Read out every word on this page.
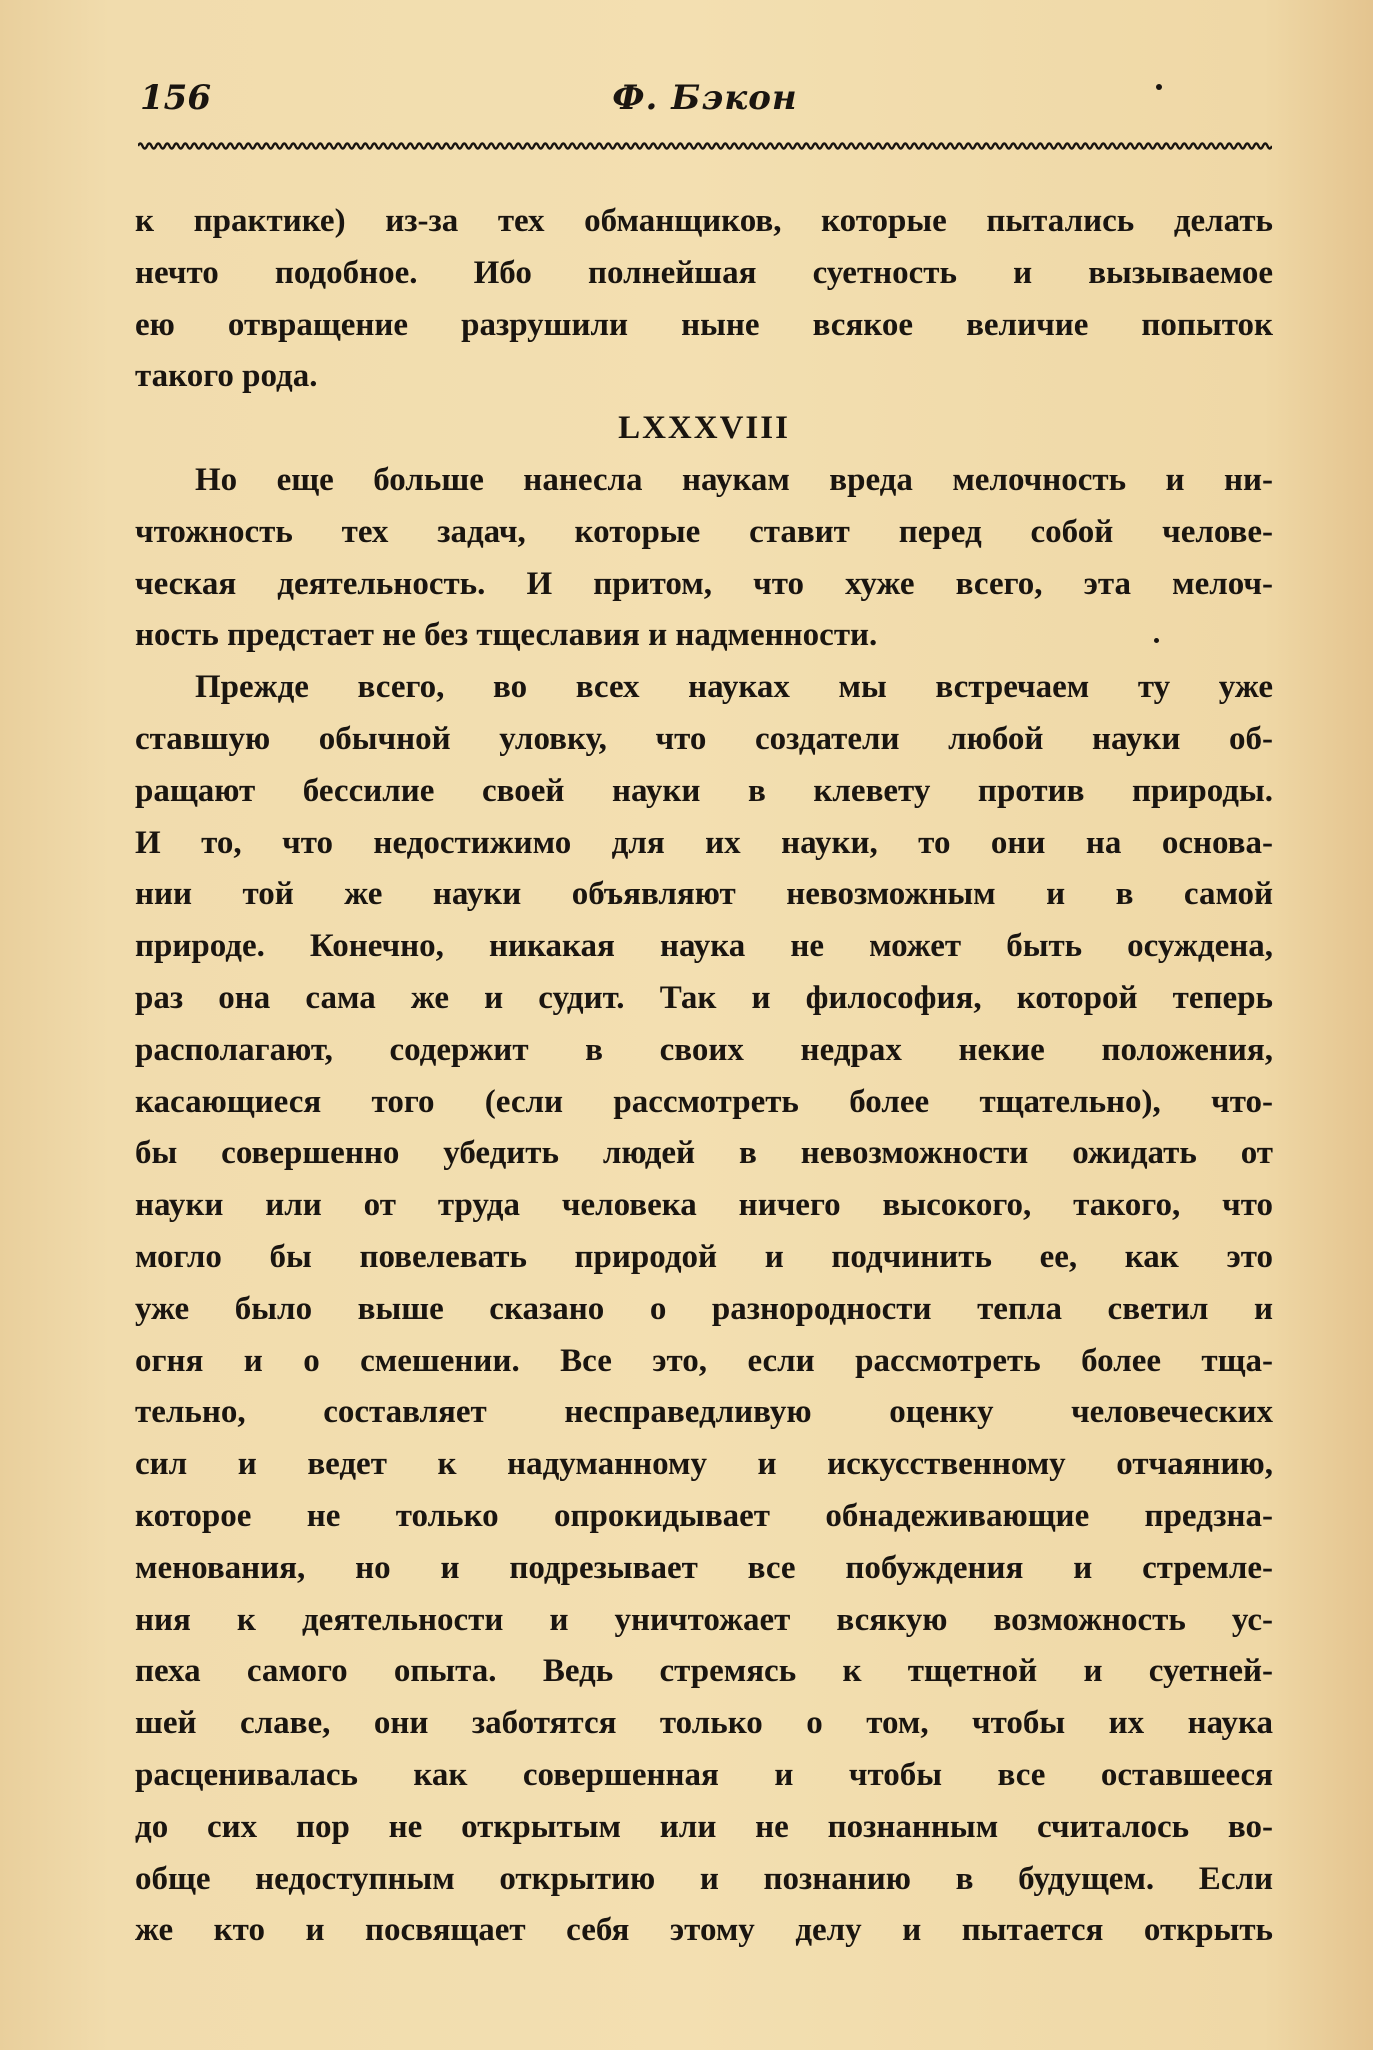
156	Ф. Бэкон
к практике) из-за тех обманщиков, которые пытались делать
нечто подобное. Ибо полнейшая суетность и вызываемое
ею отвращение разрушили ныне всякое величие попыток
такого рода.
LXXXVIII
Но еще больше нанесла наукам вреда мелочность и ни-
чтожность тех задач, которые ставит перед собой челове-
ческая деятельность. И притом, что хуже всего, эта мелоч-
ность предстает не без тщеславия и надменности.
Прежде всего, во всех науках мы встречаем ту уже
ставшую обычной уловку, что создатели любой науки об-
ращают бессилие своей науки в клевету против природы.
И то, что недостижимо для их науки, то они на основа-
нии той же науки объявляют невозможным и в самой
природе. Конечно, никакая наука не может быть осуждена,
раз она сама же и судит. Так и философия, которой теперь
располагают, содержит в своих недрах некие положения,
касающиеся того (если рассмотреть более тщательно), что-
бы совершенно убедить людей в невозможности ожидать от
науки или от труда человека ничего высокого, такого, что
могло бы повелевать природой и подчинить ее, как это
уже было выше сказано о разнородности тепла светил и
огня и о смешении. Все это, если рассмотреть более тща-
тельно, составляет несправедливую оценку человеческих
сил и ведет к надуманному и искусственному отчаянию,
которое не только опрокидывает обнадеживающие предзна-
менования, но и подрезывает все побуждения и стремле-
ния к деятельности и уничтожает всякую возможность ус-
пеха самого опыта. Ведь стремясь к тщетной и суетней-
шей славе, они заботятся только о том, чтобы их наука
расценивалась как совершенная и чтобы все оставшееся
до сих пор не открытым или не познанным считалось во-
обще недоступным открытию и познанию в будущем. Если
же кто и посвящает себя этому делу и пытается открыть
